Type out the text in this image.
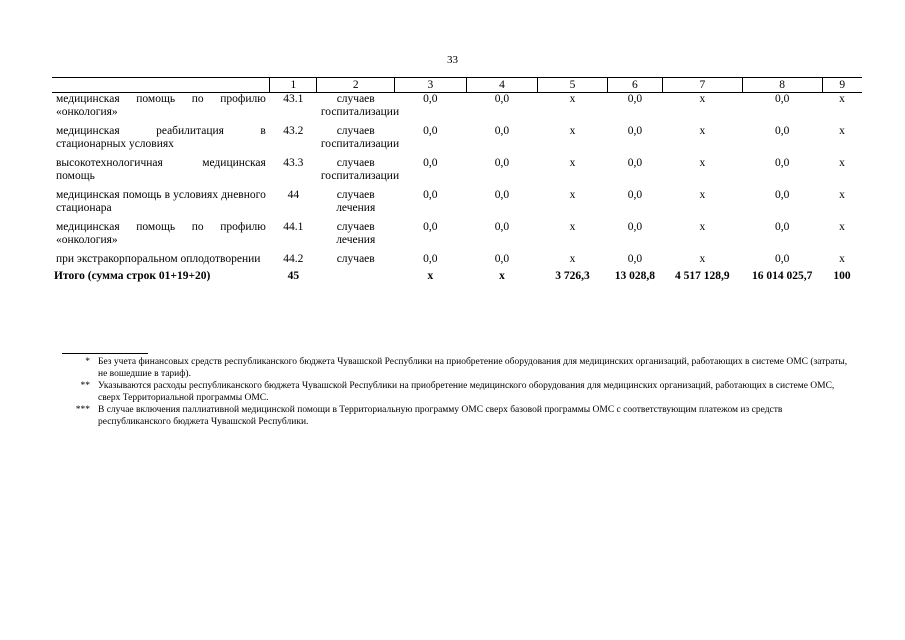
33
	1	2	3	4	5	6	7	8	9
медицинская помощь по профилю «онкология»	43.1	случаев госпитализации	0,0	0,0	х	0,0	х	0,0	х
медицинская реабилитация в стационарных условиях	43.2	случаев госпитализации	0,0	0,0	х	0,0	х	0,0	х
высокотехнологичная медицинская помощь	43.3	случаев госпитализации	0,0	0,0	х	0,0	х	0,0	х
медицинская помощь в условиях дневного стационара	44	случаев лечения	0,0	0,0	х	0,0	х	0,0	х
медицинская помощь по профилю «онкология»	44.1	случаев лечения	0,0	0,0	х	0,0	х	0,0	х
при экстракорпоральном оплодотворении	44.2	случаев	0,0	0,0	х	0,0	х	0,0	х
Итого (сумма строк 01+19+20)	45		х	х	3 726,3	13 028,8	4 517 128,9	16 014 025,7	100
* Без учета финансовых средств республиканского бюджета Чувашской Республики на приобретение оборудования для медицинских организаций, работающих в системе ОМС (затраты, не вошедшие в тариф).
** Указываются расходы республиканского бюджета Чувашской Республики на приобретение медицинского оборудования для медицинских организаций, работающих в системе ОМС, сверх Территориальной программы ОМС.
*** В случае включения паллиативной медицинской помощи в Территориальную программу ОМС сверх базовой программы ОМС с соответствующим платежом из средств республиканского бюджета Чувашской Республики.
